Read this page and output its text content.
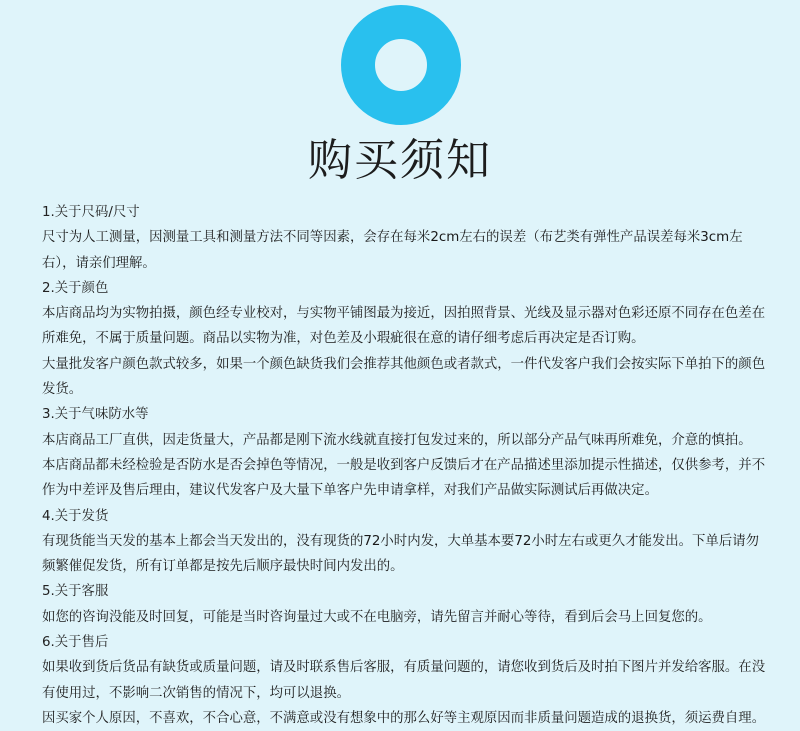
购买须知

1.关于尺码/尺寸

尺寸为人工测量，因测量工具和测量方法不同等因素，会存在每米2cm左右的误差（布艺类有弹性产品误差每米3cm左右），请亲们理解。

2.关于颜色

本店商品均为实物拍摄，颜色经专业校对，与实物平铺图最为接近，因拍照背景、光线及显示器对色彩还原不同存在色差在所难免，不属于质量问题。商品以实物为准，对色差及小瑕疵很在意的请仔细考虑后再决定是否订购。

大量批发客户颜色款式较多，如果一个颜色缺货我们会推荐其他颜色或者款式，一件代发客户我们会按实际下单拍下的颜色发货。

3.关于气味防水等

本店商品工厂直供，因走货量大，产品都是刚下流水线就直接打包发过来的，所以部分产品气味再所难免，介意的慎拍。

本店商品都未经检验是否防水是否会掉色等情况，一般是收到客户反馈后才在产品描述里添加提示性描述，仅供参考，并不作为中差评及售后理由，建议代发客户及大量下单客户先申请拿样，对我们产品做实际测试后再做决定。

4.关于发货

有现货能当天发的基本上都会当天发出的，没有现货的72小时内发，大单基本要72小时左右或更久才能发出。下单后请勿频繁催促发货，所有订单都是按先后顺序最快时间内发出的。

5.关于客服

如您的咨询没能及时回复，可能是当时咨询量过大或不在电脑旁，请先留言并耐心等待，看到后会马上回复您的。

6.关于售后

如果收到货后货品有缺货或质量问题，请及时联系售后客服，有质量问题的，请您收到货后及时拍下图片并发给客服。在没有使用过，不影响二次销售的情况下，均可以退换。

因买家个人原因，不喜欢，不合心意，不满意或没有想象中的那么好等主观原因而非质量问题造成的退换货，须运费自理。
